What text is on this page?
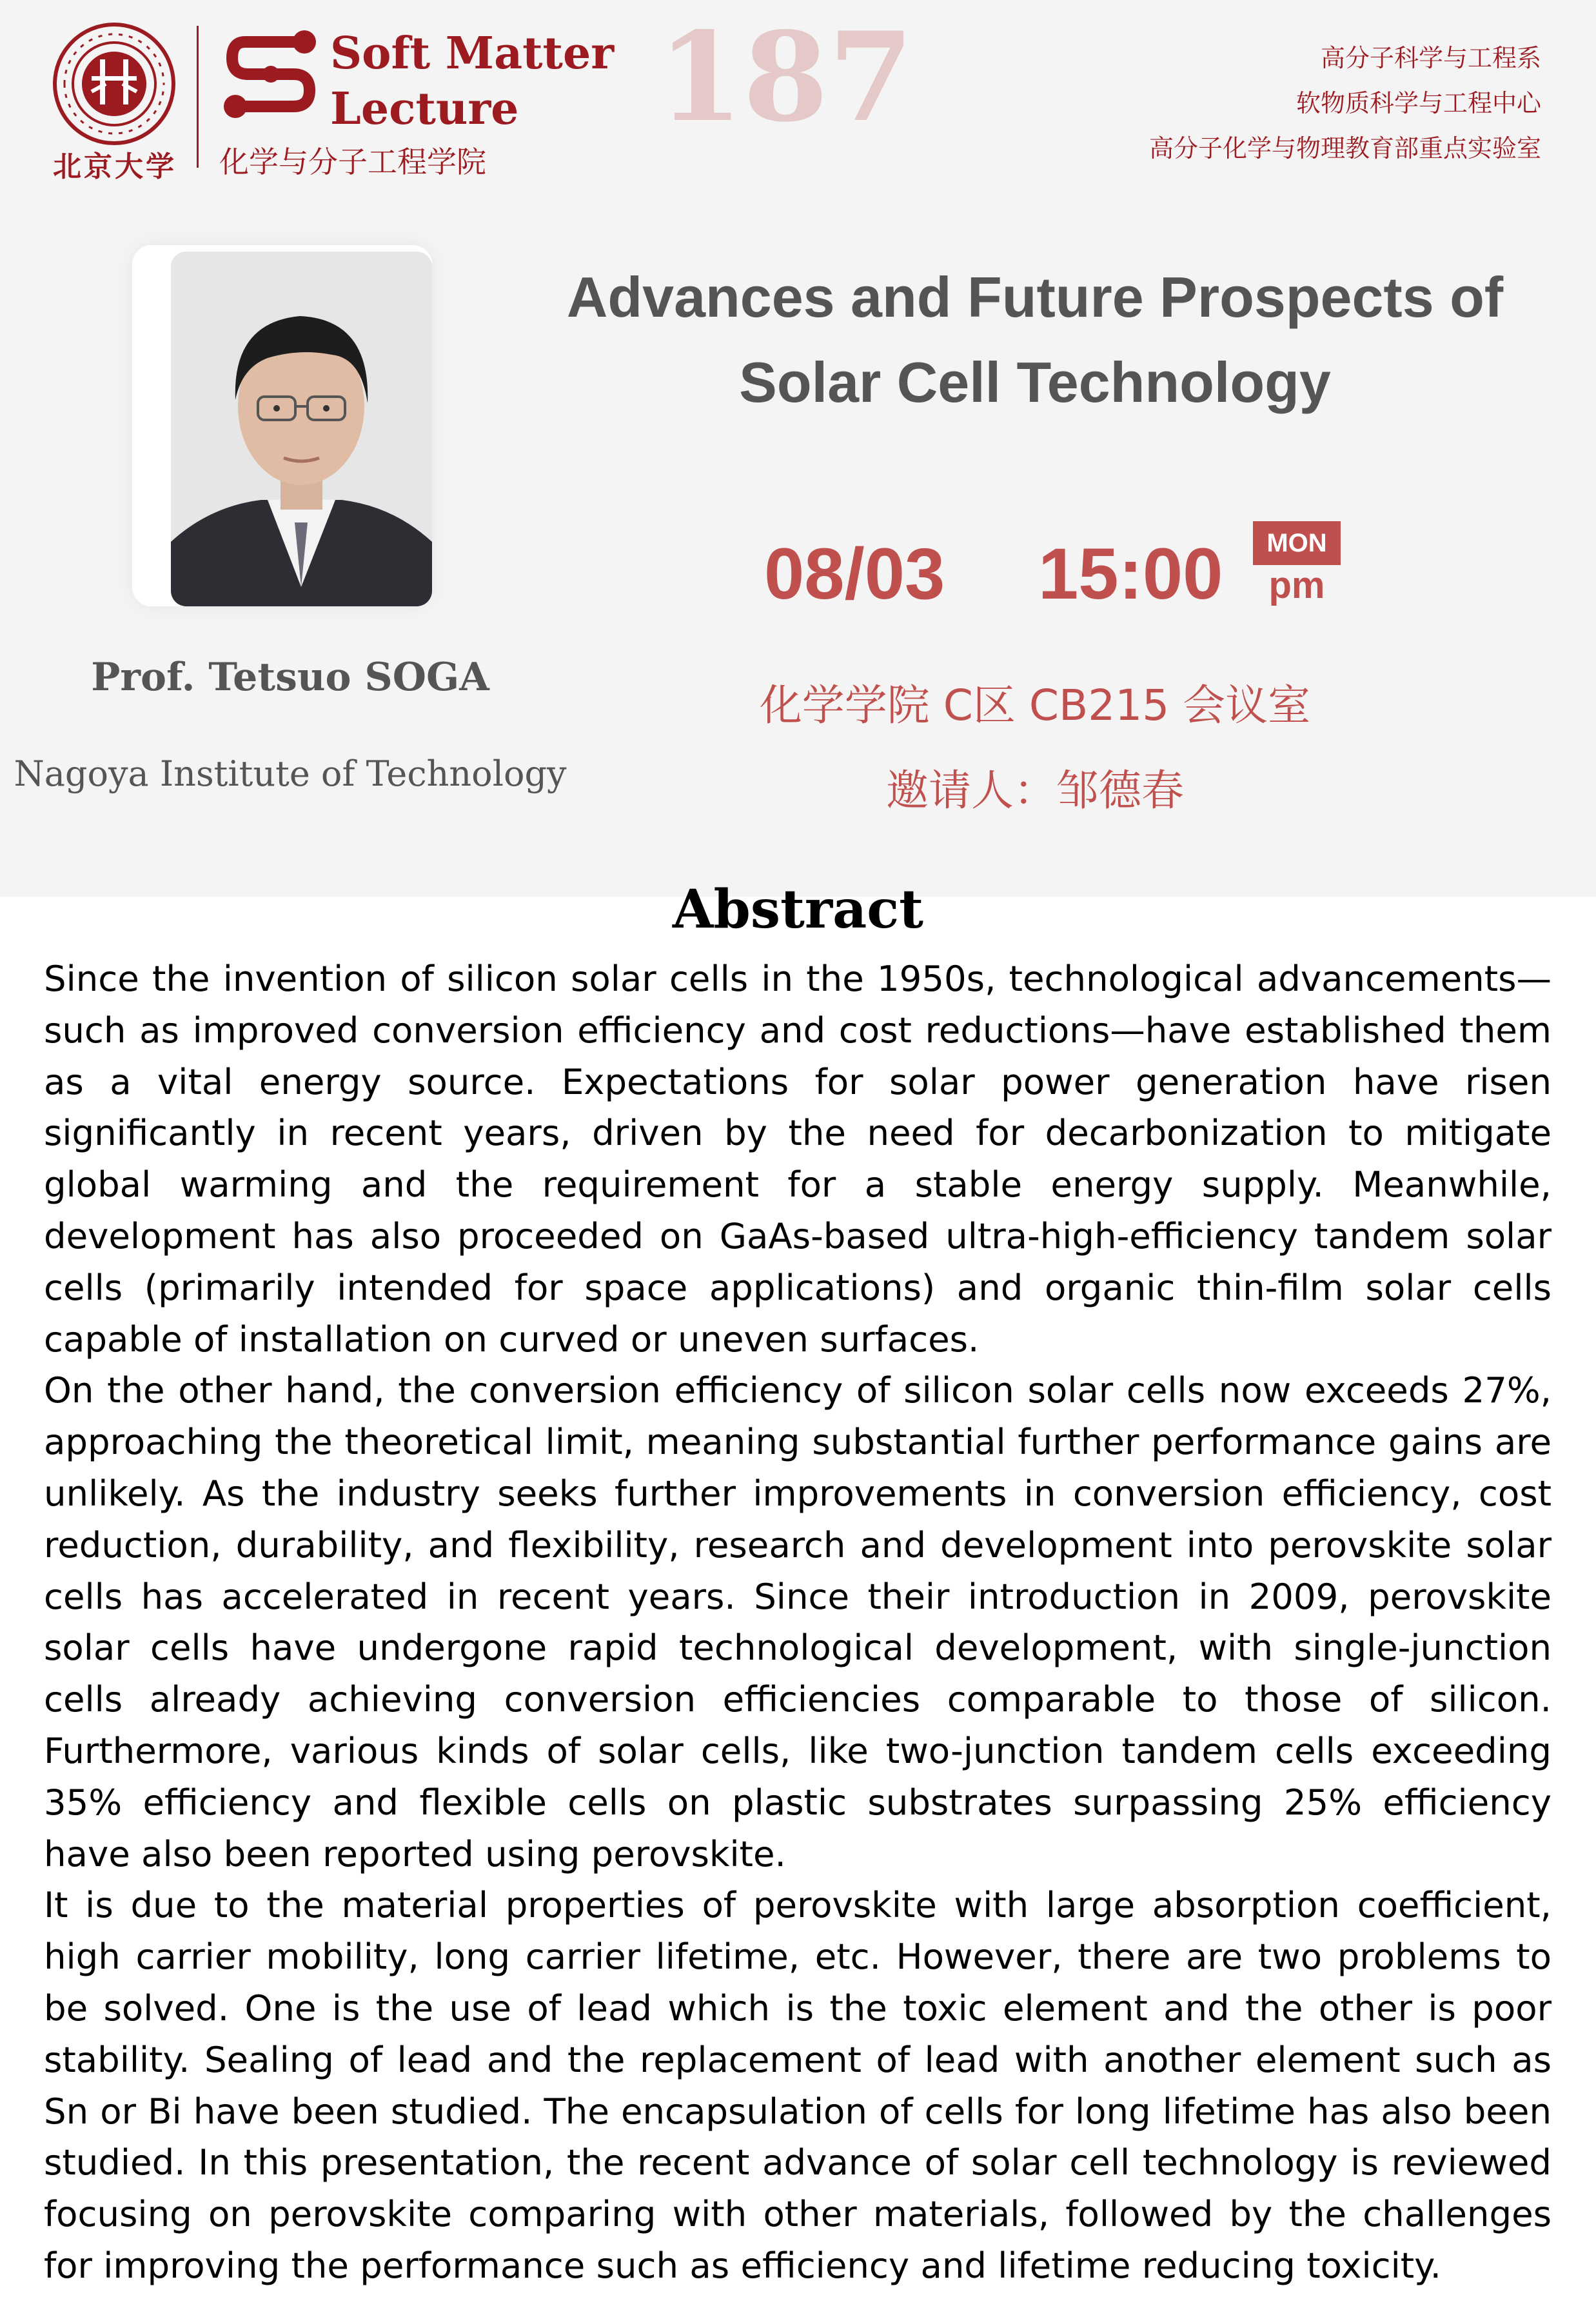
北京大学
Soft Matter
Lecture
化学与分子工程学院
187	高分子科学与工程系
软物质科学与工程中心
高分子化学与物理教育部重点实验室
Prof. Tetsuo SOGA
Nagoya Institute of Technology
Advances and Future Prospects of Solar Cell Technology
08/03 15:00	MON
pm
化学学院 C区 CB215 会议室
邀请人：邹德春
Abstract

Since the invention of silicon solar cells in the 1950s, technological advancements—such as improved conversion efficiency and cost reductions—have established them as a vital energy source. Expectations for solar power generation have risen significantly in recent years, driven by the need for decarbonization to mitigate global warming and the requirement for a stable energy supply. Meanwhile, development has also proceeded on GaAs-based ultra-high-efficiency tandem solar cells (primarily intended for space applications) and organic thin-film solar cells capable of installation on curved or uneven surfaces.

On the other hand, the conversion efficiency of silicon solar cells now exceeds 27%, approaching the theoretical limit, meaning substantial further performance gains are unlikely. As the industry seeks further improvements in conversion efficiency, cost reduction, durability, and flexibility, research and development into perovskite solar cells has accelerated in recent years. Since their introduction in 2009, perovskite solar cells have undergone rapid technological development, with single-junction cells already achieving conversion efficiencies comparable to those of silicon. Furthermore, various kinds of solar cells, like two-junction tandem cells exceeding 35% efficiency and flexible cells on plastic substrates surpassing 25% efficiency have also been reported using perovskite.

It is due to the material properties of perovskite with large absorption coefficient, high carrier mobility, long carrier lifetime, etc. However, there are two problems to be solved. One is the use of lead which is the toxic element and the other is poor stability. Sealing of lead and the replacement of lead with another element such as Sn or Bi have been studied. The encapsulation of cells for long lifetime has also been studied. In this presentation, the recent advance of solar cell technology is reviewed focusing on perovskite comparing with other materials, followed by the challenges for improving the performance such as efficiency and lifetime reducing toxicity.
